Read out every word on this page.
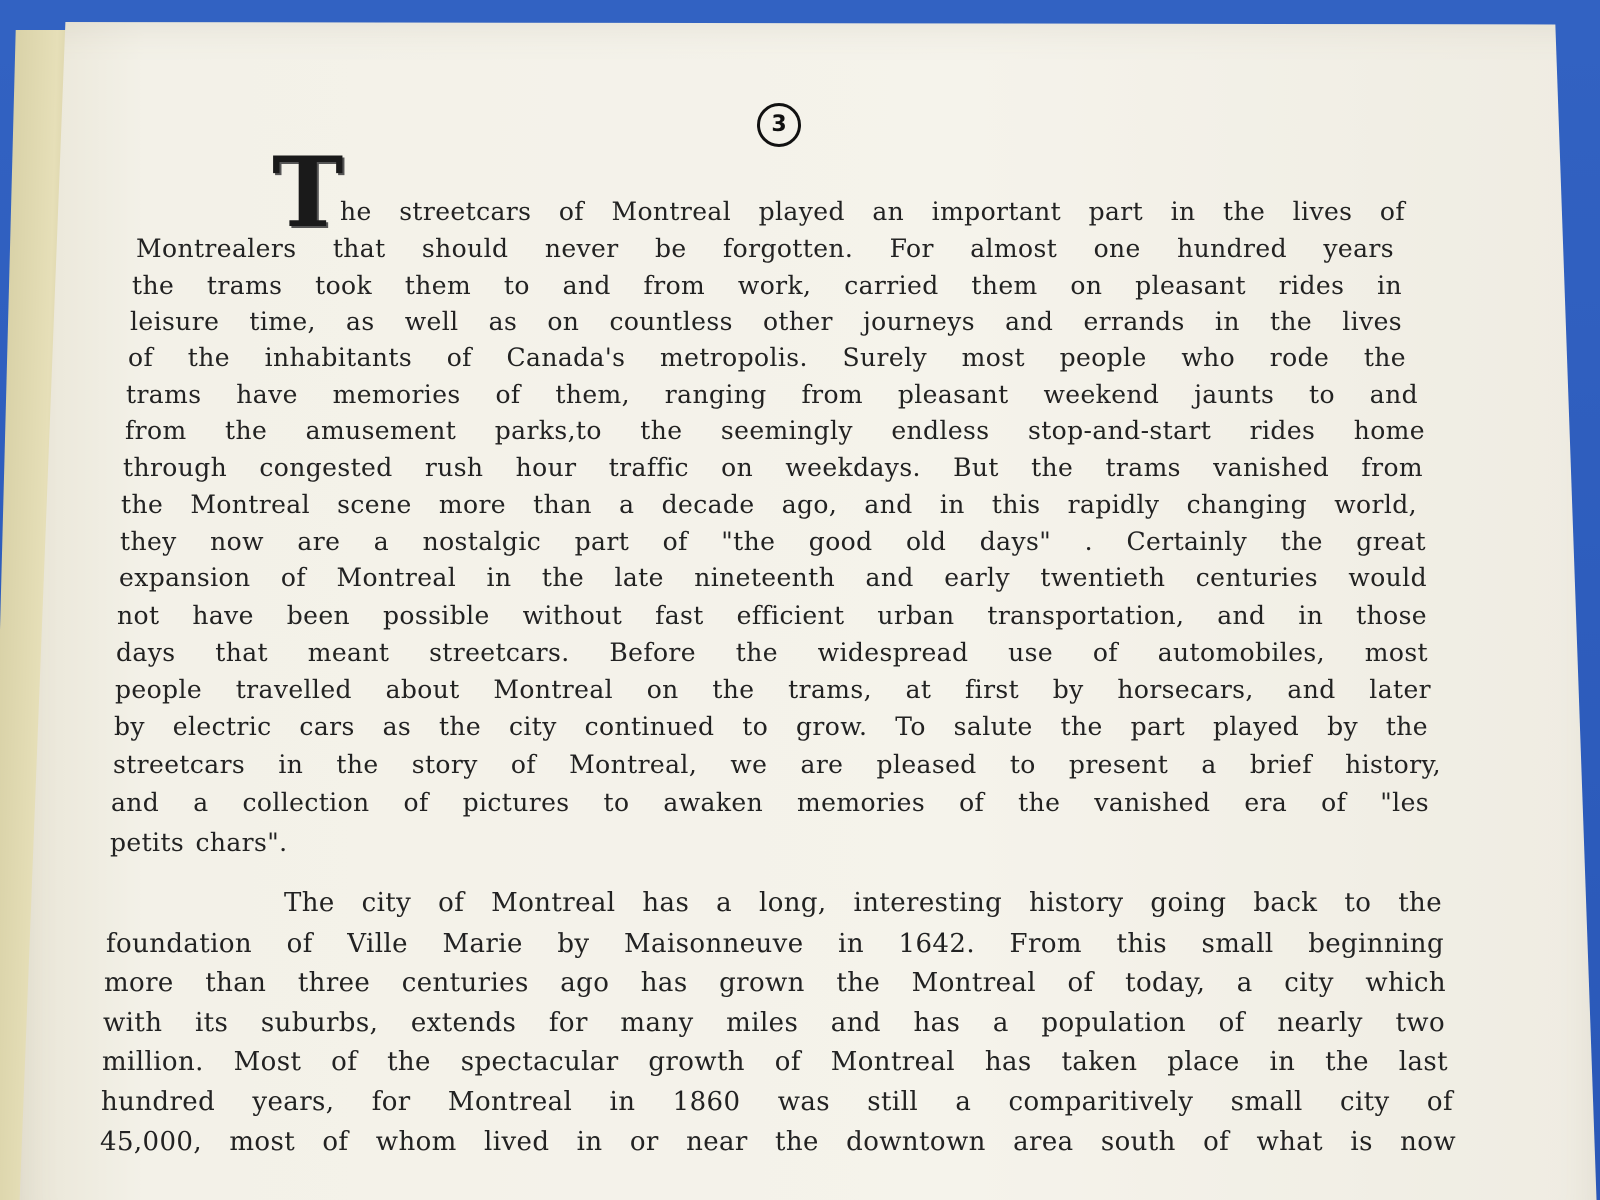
3
T
he streetcars of Montreal played an important part in the lives of
Montrealers that should never be forgotten. For almost one hundred years
the trams took them to and from work, carried them on pleasant rides in
leisure time, as well as on countless other journeys and errands in the lives
of the inhabitants of Canada's metropolis. Surely most people who rode the
trams have memories of them, ranging from pleasant weekend jaunts to and
from the amusement parks,to the seemingly endless stop-and-start rides home
through congested rush hour traffic on weekdays. But the trams vanished from
the Montreal scene more than a decade ago, and in this rapidly changing world,
they now are a nostalgic part of "the good old days" . Certainly the great
expansion of Montreal in the late nineteenth and early twentieth centuries would
not have been possible without fast efficient urban transportation, and in those
days that meant streetcars. Before the widespread use of automobiles, most
people travelled about Montreal on the trams, at first by horsecars, and later
by electric cars as the city continued to grow. To salute the part played by the
streetcars in the story of Montreal, we are pleased to present a brief history,
and a collection of pictures to awaken memories of the vanished era of "les
petits chars".
The city of Montreal has a long, interesting history going back to the
foundation of Ville Marie by Maisonneuve in 1642. From this small beginning
more than three centuries ago has grown the Montreal of today, a city which
with its suburbs, extends for many miles and has a population of nearly two
million. Most of the spectacular growth of Montreal has taken place in the last
hundred years, for Montreal in 1860 was still a comparitively small city of
45,000, most of whom lived in or near the downtown area south of what is now
